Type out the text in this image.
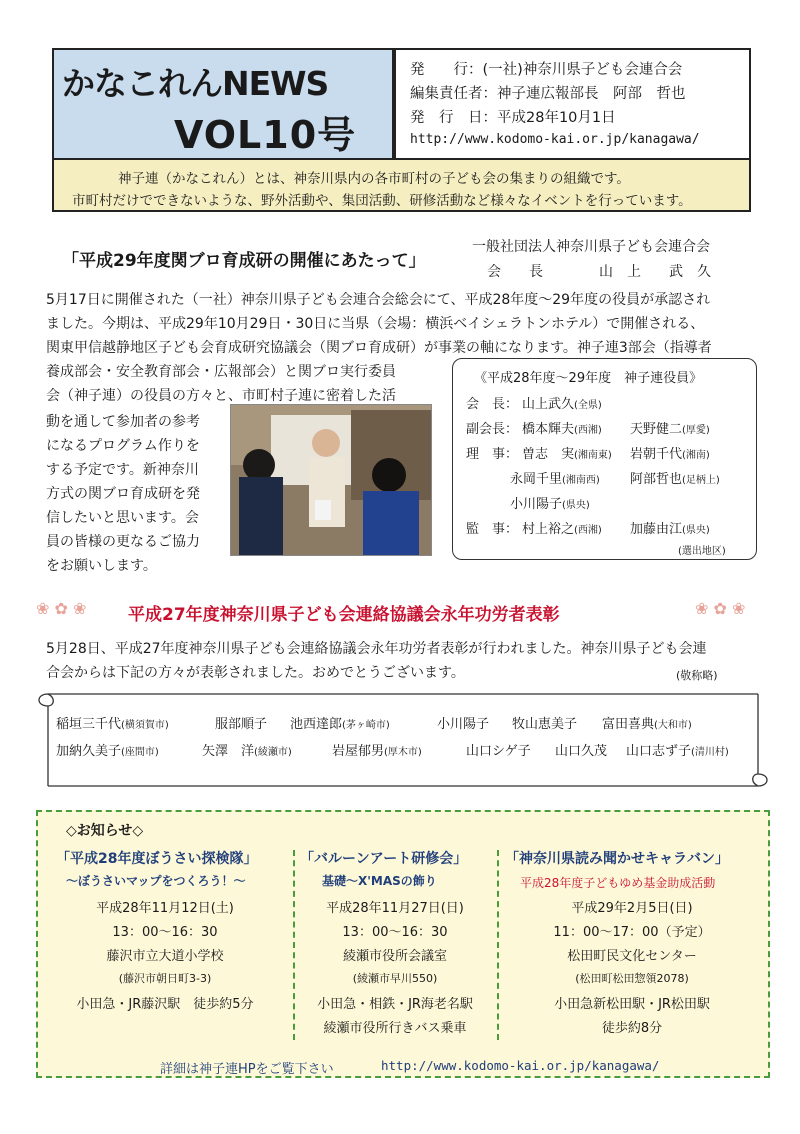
かなこれんNEWS
VOL10号
発　　行：(一社)神奈川県子ども会連合会
編集責任者：神子連広報部長　阿部　哲也
発　行　日：平成28年10月1日
http://www.kodomo-kai.or.jp/kanagawa/
神子連（かなこれん）とは、神奈川県内の各市町村の子ども会の集まりの組織です。
市町村だけでできないような、野外活動や、集団活動、研修活動など様々なイベントを行っています。
「平成29年度関ブロ育成研の開催にあたって」
一般社団法人神奈川県子ども会連合会
会　　長　　　　山　上　　武　久
5月17日に開催された（一社）神奈川県子ども会連合会総会にて、平成28年度〜29年度の役員が承認され
ました。今期は、平成29年10月29日・30日に当県（会場：横浜ベイシェラトンホテル）で開催される、
関東甲信越静地区子ども会育成研究協議会（関ブロ育成研）が事業の軸になります。神子連3部会（指導者
養成部会・安全教育部会・広報部会）と関ブロ実行委員
会（神子連）の役員の方々と、市町村子連に密着した活
動を通して参加者の参考
になるプログラム作りを
する予定です。新神奈川
方式の関ブロ育成研を発
信したいと思います。会
員の皆様の更なるご協力
をお願いします。
《平成28年度〜29年度　神子連役員》
会　長： 山上武久(全県)
副会長： 橋本輝夫(西湘) 天野健二(厚愛)
理　事： 曽志　実(湘南東) 岩朝千代(湘南)
永岡千里(湘南西) 阿部哲也(足柄上)
小川陽子(県央)
監　事： 村上裕之(西湘) 加藤由江(県央)
(選出地区)
❀ ✿ ❀ 平成27年度神奈川県子ども会連絡協議会永年功労者表彰	❀ ✿ ❀
5月28日、平成27年度神奈川県子ども会連絡協議会永年功労者表彰が行われました。神奈川県子ども会連
合会からは下記の方々が表彰されました。おめでとうございます。	(敬称略)
稲垣三千代(横須賀市)	服部順子 池西達郎(茅ヶ崎市)	小川陽子 牧山恵美子 富田喜典(大和市)
加納久美子(座間市)	矢澤　洋(綾瀬市)	岩屋郁男(厚木市)	山口シゲ子 山口久茂 山口志ず子(清川村)
◇お知らせ◇
「平成28年度ぼうさい探検隊」
〜ぼうさいマップをつくろう！〜
平成28年11月12日(土)
13：00〜16：30
藤沢市立大道小学校
(藤沢市朝日町3-3)
小田急・JR藤沢駅　徒歩約5分
「バルーンアート研修会」
基礎〜X'MASの飾り
平成28年11月27日(日)
13：00〜16：30
綾瀬市役所会議室
(綾瀬市早川550)
小田急・相鉄・JR海老名駅
綾瀬市役所行きバス乗車
「神奈川県読み聞かせキャラバン」
平成28年度子どもゆめ基金助成活動
平成29年2月5日(日)
11：00〜17：00（予定）
松田町民文化センター
(松田町松田惣領2078)
小田急新松田駅・JR松田駅
徒歩約8分
詳細は神子連HPをご覧下さい	http://www.kodomo-kai.or.jp/kanagawa/
